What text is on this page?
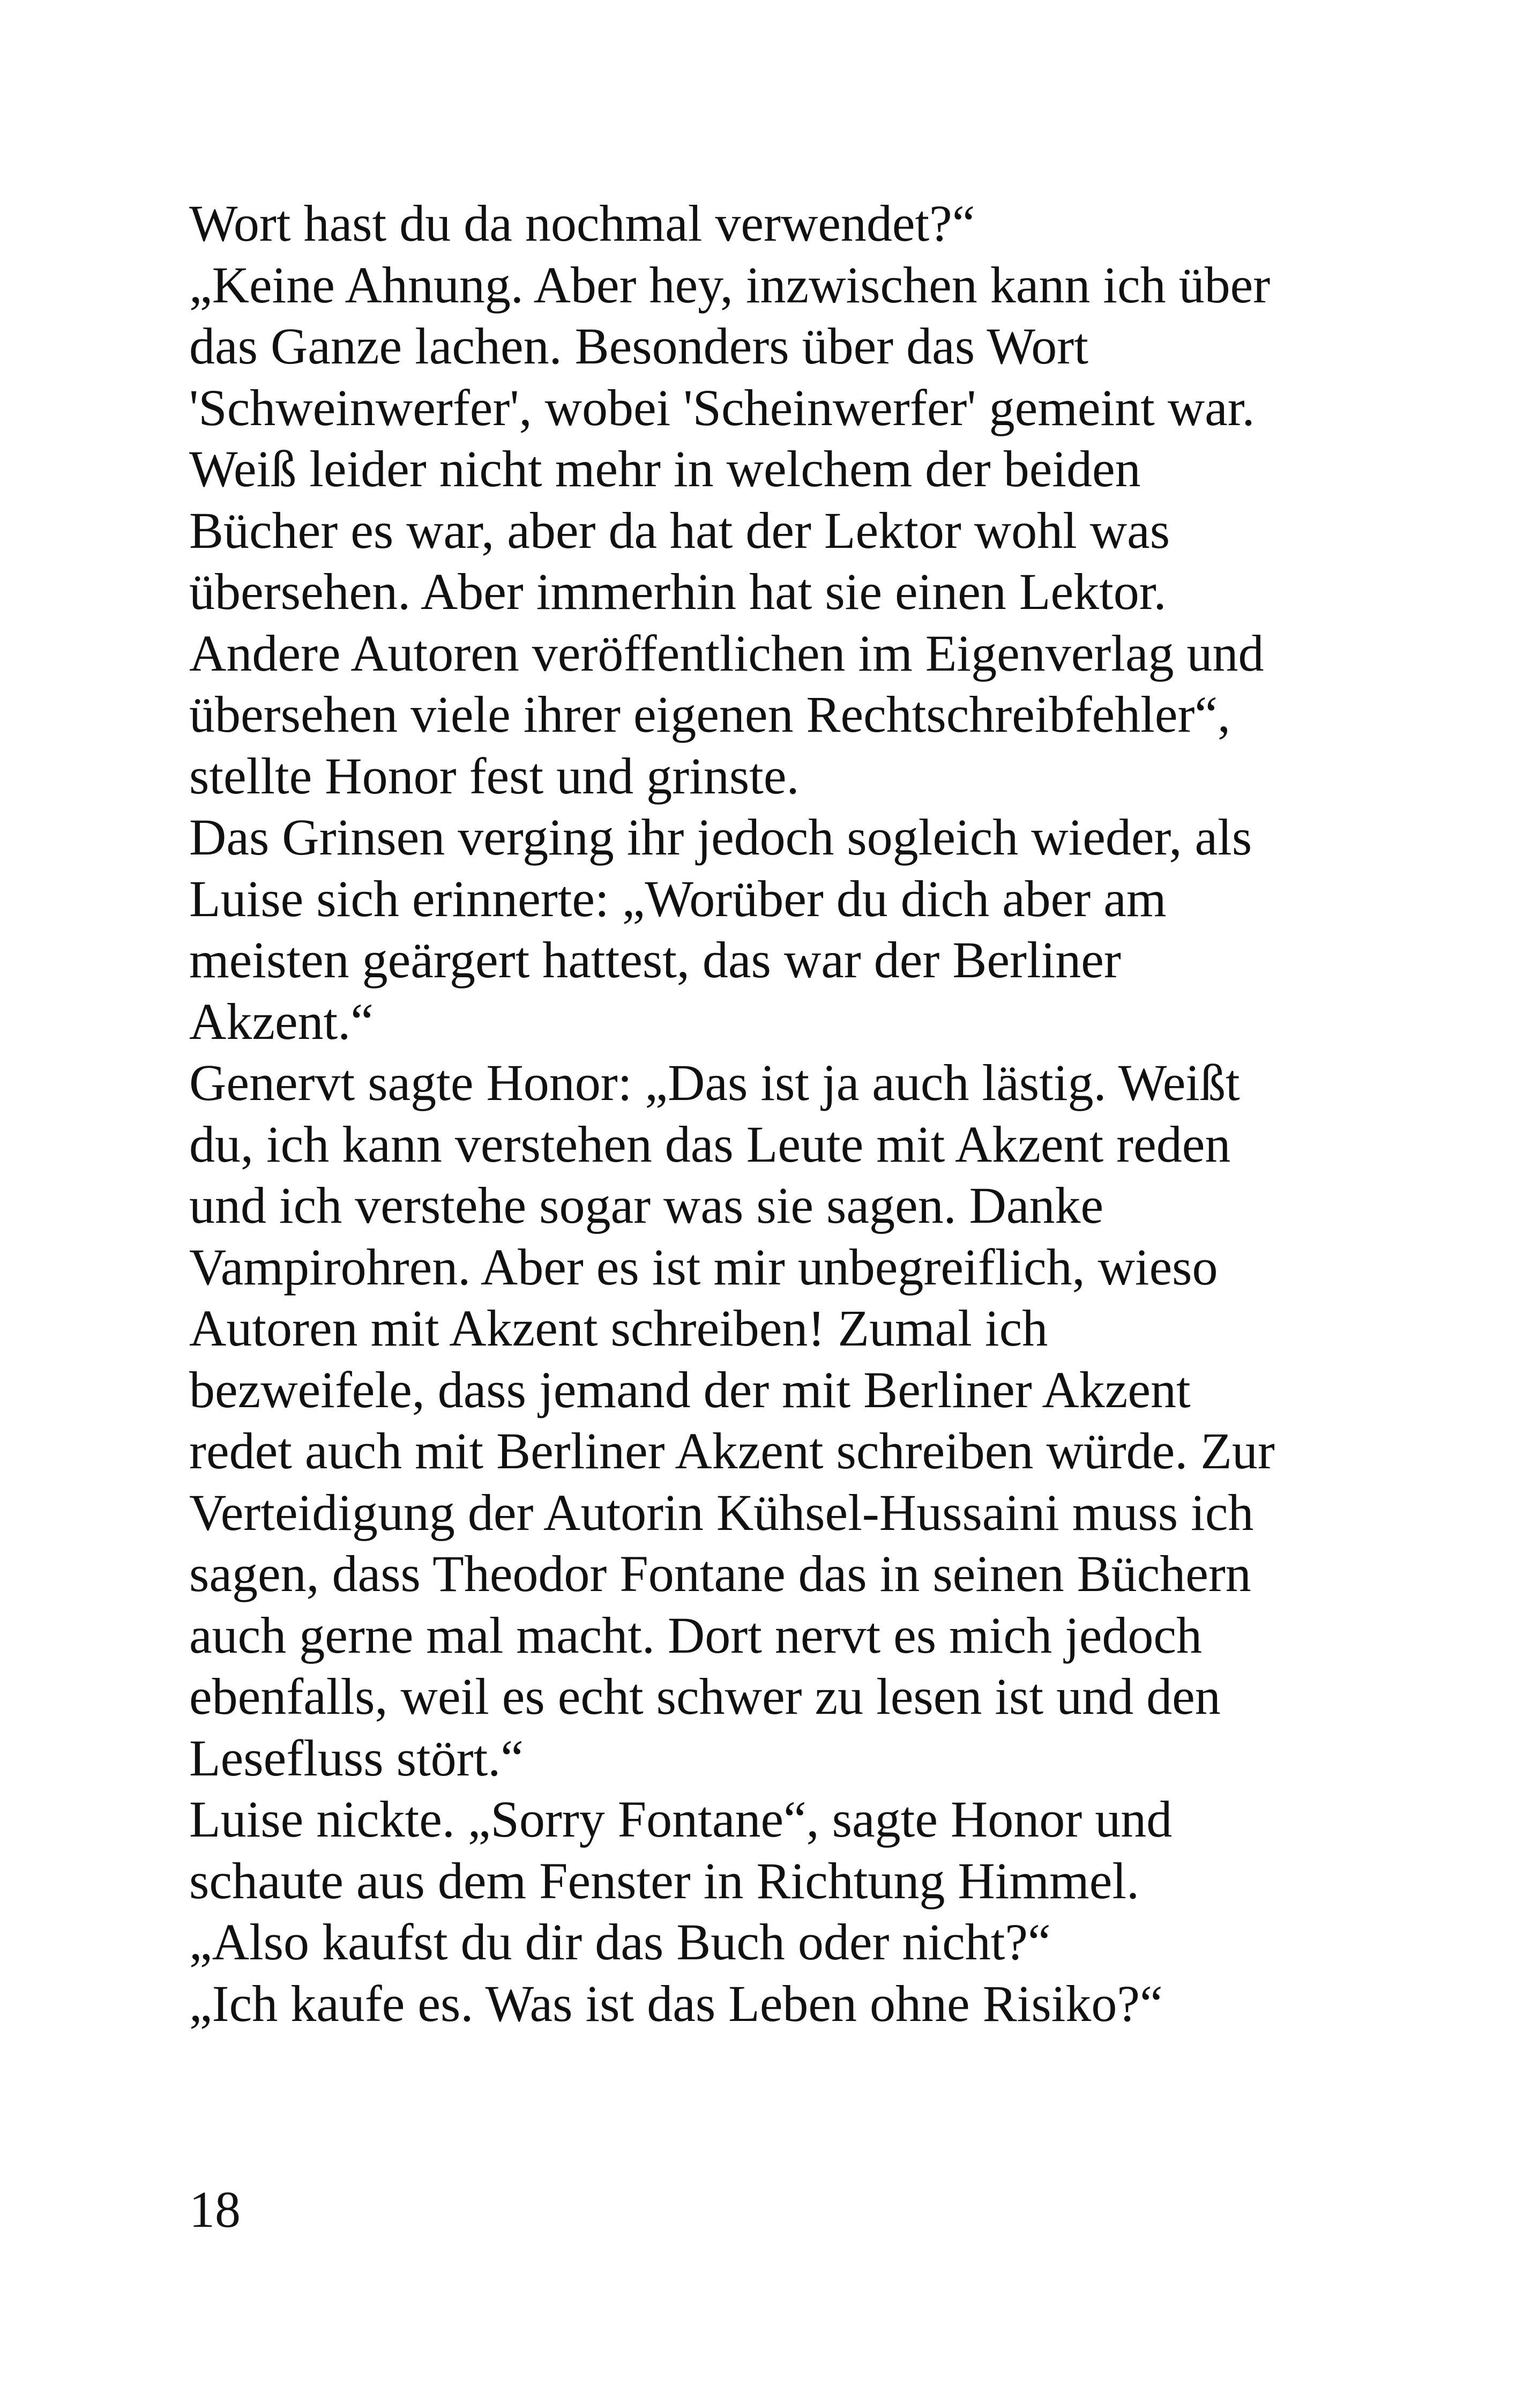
Wort hast du da nochmal verwendet?“
„Keine Ahnung. Aber hey, inzwischen kann ich über
das Ganze lachen. Besonders über das Wort
'Schweinwerfer', wobei 'Scheinwerfer' gemeint war.
Weiß leider nicht mehr in welchem der beiden
Bücher es war, aber da hat der Lektor wohl was
übersehen. Aber immerhin hat sie einen Lektor.
Andere Autoren veröffentlichen im Eigenverlag und
übersehen viele ihrer eigenen Rechtschreibfehler“,
stellte Honor fest und grinste.
Das Grinsen verging ihr jedoch sogleich wieder, als
Luise sich erinnerte: „Worüber du dich aber am
meisten geärgert hattest, das war der Berliner
Akzent.“
Genervt sagte Honor: „Das ist ja auch lästig. Weißt
du, ich kann verstehen das Leute mit Akzent reden
und ich verstehe sogar was sie sagen. Danke
Vampirohren. Aber es ist mir unbegreiflich, wieso
Autoren mit Akzent schreiben! Zumal ich
bezweifele, dass jemand der mit Berliner Akzent
redet auch mit Berliner Akzent schreiben würde. Zur
Verteidigung der Autorin Kühsel-Hussaini muss ich
sagen, dass Theodor Fontane das in seinen Büchern
auch gerne mal macht. Dort nervt es mich jedoch
ebenfalls, weil es echt schwer zu lesen ist und den
Lesefluss stört.“
Luise nickte. „Sorry Fontane“, sagte Honor und
schaute aus dem Fenster in Richtung Himmel.
„Also kaufst du dir das Buch oder nicht?“
„Ich kaufe es. Was ist das Leben ohne Risiko?“
18
